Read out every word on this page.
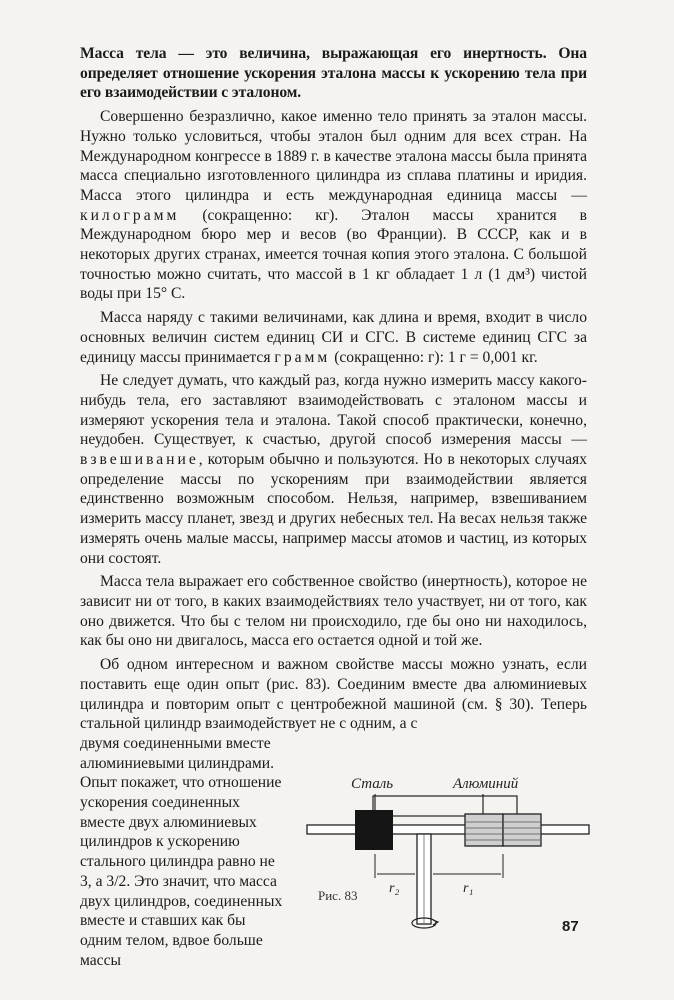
Масса тела — это величина, выражающая его инертность. Она определяет отношение ускорения эталона массы к ускорению тела при его взаимодействии с эталоном.

Совершенно безразлично, какое именно тело принять за эталон массы. Нужно только условиться, чтобы эталон был одним для всех стран. На Международном конгрессе в 1889 г. в качестве эталона массы была принята масса специально изготовленного цилиндра из сплава платины и иридия. Масса этого цилиндра и есть международная единица массы — килограмм (сокращенно: кг). Эталон массы хранится в Международном бюро мер и весов (во Франции). В СССР, как и в некоторых других странах, имеется точная копия этого эталона. С большой точностью можно считать, что массой в 1 кг обладает 1 л (1 дм³) чистой воды при 15° С.

Масса наряду с такими величинами, как длина и время, входит в число основных величин систем единиц СИ и СГС. В системе единиц СГС за единицу массы принимается грамм (сокращенно: г): 1 г = 0,001 кг.

Не следует думать, что каждый раз, когда нужно измерить массу какого-нибудь тела, его заставляют взаимодействовать с эталоном массы и измеряют ускорения тела и эталона. Такой способ практически, конечно, неудобен. Существует, к счастью, другой способ измерения массы — взвешивание, которым обычно и пользуются. Но в некоторых случаях определение массы по ускорениям при взаимодействии является единственно возможным способом. Нельзя, например, взвешиванием измерить массу планет, звезд и других небесных тел. На весах нельзя также измерять очень малые массы, например массы атомов и частиц, из которых они состоят.

Масса тела выражает его собственное свойство (инертность), которое не зависит ни от того, в каких взаимодействиях тело участвует, ни от того, как оно движется. Что бы с телом ни происходило, где бы оно ни находилось, как бы оно ни двигалось, масса его остается одной и той же.

Об одном интересном и важном свойстве массы можно узнать, если поставить еще один опыт (рис. 83). Соединим вместе два алюминиевых цилиндра и повторим опыт с центробежной машиной (см. § 30). Теперь стальной цилиндр взаимодействует не с одним, а с

двумя соединенными вместе алюминиевыми цилиндрами. Опыт покажет, что отношение ускорения соединенных вместе двух алюминиевых цилиндров к ускорению стального цилиндра равно не 3, а 3/2. Это значит, что масса двух цилиндров, соединенных вместе и ставших как бы одним телом, вдвое больше массы

Сталь	Алюминий
r₂	r₁
Рис. 83
87
